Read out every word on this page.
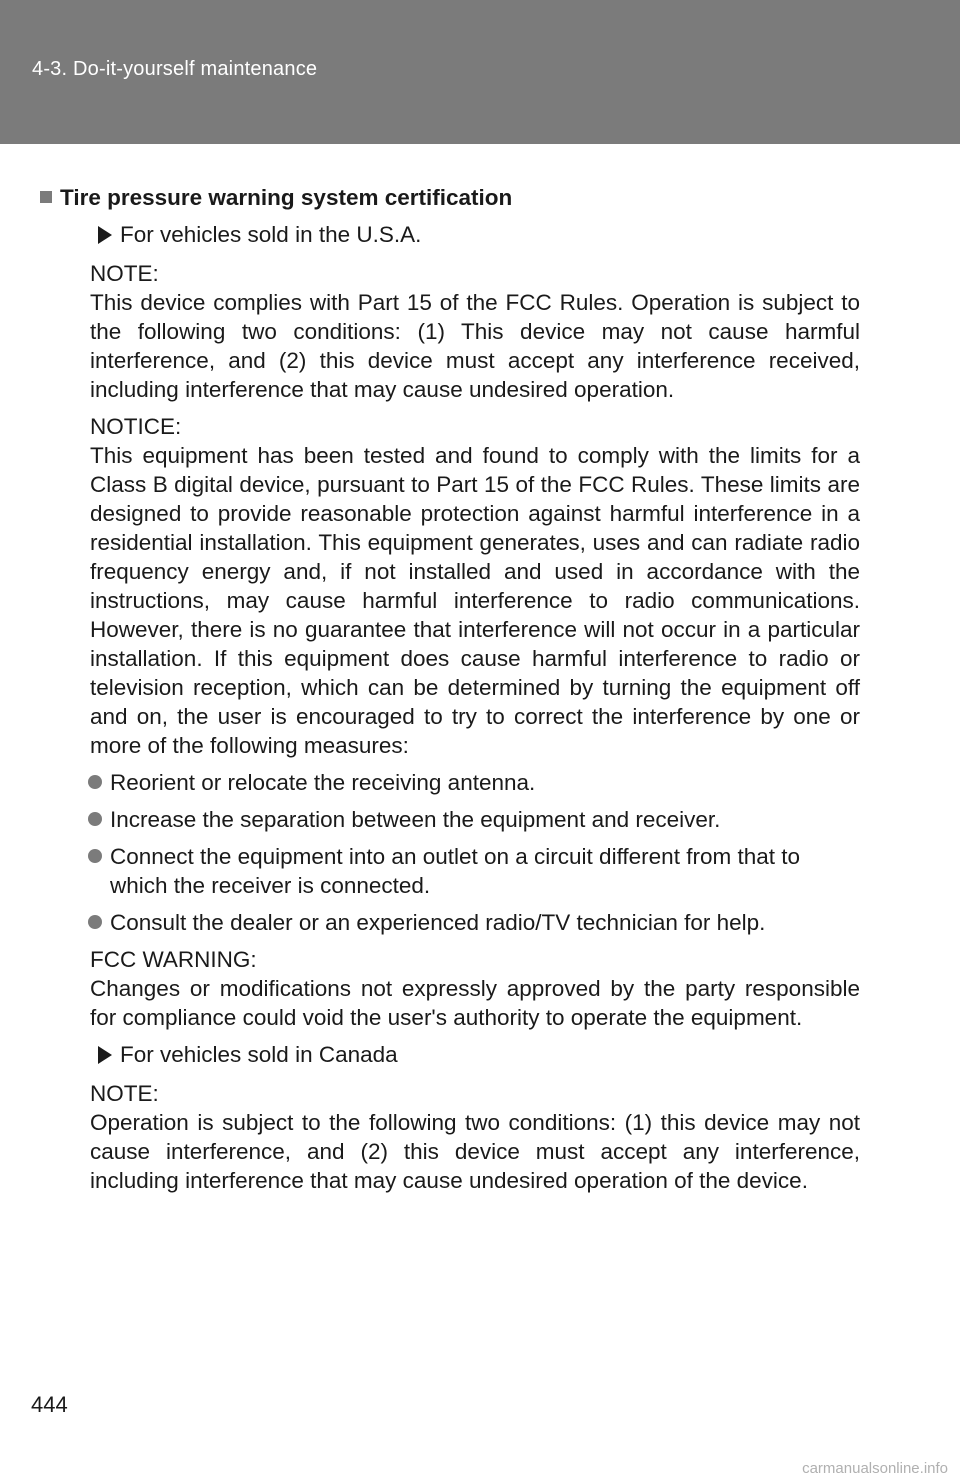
4-3. Do-it-yourself maintenance
Tire pressure warning system certification
For vehicles sold in the U.S.A.
NOTE:
This device complies with Part 15 of the FCC Rules. Operation is subject to the following two conditions: (1) This device may not cause harmful interference, and (2) this device must accept any interference received, including interference that may cause undesired operation.
NOTICE:
This equipment has been tested and found to comply with the limits for a Class B digital device, pursuant to Part 15 of the FCC Rules. These limits are designed to provide reasonable protection against harmful interference in a residential installation. This equipment generates, uses and can radiate radio frequency energy and, if not installed and used in accordance with the instructions, may cause harmful interference to radio communications. However, there is no guarantee that interference will not occur in a particular installation. If this equipment does cause harmful interference to radio or television reception, which can be determined by turning the equipment off and on, the user is encouraged to try to correct the interference by one or more of the following measures:
Reorient or relocate the receiving antenna.
Increase the separation between the equipment and receiver.
Connect the equipment into an outlet on a circuit different from that to which the receiver is connected.
Consult the dealer or an experienced radio/TV technician for help.
FCC WARNING:
Changes or modifications not expressly approved by the party responsible for compliance could void the user's authority to operate the equipment.
For vehicles sold in Canada
NOTE:
Operation is subject to the following two conditions: (1) this device may not cause interference, and (2) this device must accept any interference, including interference that may cause undesired operation of the device.
444
carmanualsonline.info
